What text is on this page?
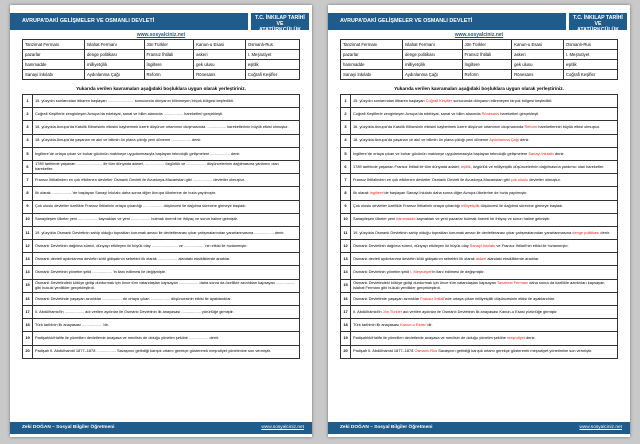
AVRUPA’DAKİ GELİŞMELER VE OSMANLI DEVLETİ	T.C. İNKILAP TARİHİ VE
ATATÜRKÇÜLÜK
www.sosyalciniz.net
Tanzimat Fermanı	Islahat Fermanı	Jön Türkler	Kanun-u Esasi	Osmanlı-Rus
pazarlar	denge politikası	Fransız İhtilali	askeri	I. Meşrutiyet
hammadde	milliyetçilik	İngiltere	gek ulusu	eşitlik
Sanayi İnkılabı	Aydınlanma Çağı	Reform	Rönesans	Coğrafi Keşifler
Yukarıda verilen kavramaları aşağıdaki boşluklara uygun olarak yerleştiriniz.
1	15. yüzyılın sonlarından itibaren başlayan ........................ sonucunda dünyanın bilinmeyen birçok bölgesi keşfedildi.
2	Coğrafi Keşiflerle zenginleşen Avrupa’da edebiyat, sanat ve bilim alanında .................. hareketleri gerçekleşti.
3	16. yüzyılda Avrupa’da Katolik Kilisesinin etkisini kaybetmek üzere düşünce ortamının oluşmasında .................. hareketlerinin büyük etkisi olmuştur.
4	18. yüzyılda Avrupa’da yaşanan ve akıl ve bilimin ön plana çıktığı yeni döneme .................. denir.
5	İngiltere’de ortaya çıkan ve buhar gücünün makineye uygulanmasıyla başlayan teknolojik gelişmelere .................. denir.
6	1789 tarihinde yaşanan ........................ ile tüm dünyada adalet, .................. özgürlük ve .................. düşüncelerinin dağılmasına yardımcı olan hareketler.
7	Fransız İhtilalinden en çok etkilenen devletler Osmanlı Devleti ile Avusturya-Macaristan gibi .................. devletler olmuştur.
8	İlk olarak .................. ’de başlayan Sanayi İnkılabı daha sonra diğer Avrupa ülkelerine de hızla yayılmıştır.
9	Çok uluslu devletler özellikle Fransız İhtilalinin ortaya çıkardığı .................. düşüncesi ile dağılma sürecine girmeye başladı.
10	Sanayileşen ülkeler yeni .................. kaynakları ve yeni .................. bulmak önemli bir ihtiyaç ve sorun haline gelmiştir.
11	19. yüzyılda Osmanlı Devletinin sahip olduğu toprakları korumak amacı ile devletlerarası çıkar çatışmalarından yararlanmasına .................. denir.
12	Osmanlı Devletinin dağılma süreci, dünyayı etkileyen iki büyük olay ........................ ve .................. ’nin etkisi ile hızlanmıştır.
13	Osmanlı devleti aydınlanma devletin kötü gidişatının sebebini ilk olarak .................. alandaki eksikliklerde aradılar.
14	Osmanlı Devletinin yönetim şekli .................. ’in ilanı edilmesi ile değişmiştir.
15	Osmanlı Devletindeki kötüye gidişi durdurmak için önce tüm vatandaşları kapsayan .................. daha sonra da özellikle azınlıkları kapsayan .................. gibi hukuki yenilikler gerçekleştirdi.
16	Osmanlı Devletinde yaşayan azınlıklar .................. de ortaya çıkan .................. düşüncesinin etkisi ile ayaklandılar.
17	II. Abdülhamid’in .................. adı verilen aydınlar ile Osmanlı Devletinin ilk anayasası .................. yürürlüğe girmiştir.
18	Türk tarihinin ilk anayasası .................. ’dir.
19	Padişahlık/Halife ile yönetilen devletlerde anayasa ve meclisin de olduğu yönetim şekline .................. denir.
20	Padişah II. Abdülhamid 1877–1878 .................. Savaşının getirdiği karışık ortamı gerekçe göstererek meşrutiyet yönetimine son vermiştir.
Zeki DOĞAN – Sosyal Bilgiler Öğretmeni	www.sosyalciniz.net
AVRUPA’DAKİ GELİŞMELER VE OSMANLI DEVLETİ	T.C. İNKILAP TARİHİ VE
ATATÜRKÇÜLÜK
www.sosyalciniz.net
Tanzimat Fermanı	Islahat Fermanı	Jön Türkler	Kanun-u Esasi	Osmanlı-Rus
pazarlar	denge politikası	Fransız İhtilali	askeri	I. Meşrutiyet
hammadde	milliyetçilik	İngiltere	gek ulusu	eşitlik
Sanayi İnkılabı	Aydınlanma Çağı	Reform	Rönesans	Coğrafi Keşifler
Yukarıda verilen kavramaları aşağıdaki boşluklara uygun olarak yerleştiriniz.
1	15. yüzyılın sonlarından itibaren başlayan Coğrafi Keşifler sonucunda dünyanın bilinmeyen birçok bölgesi keşfedildi.
2	Coğrafi Keşiflerle zenginleşen Avrupa’da edebiyat, sanat ve bilim alanında Rönesans hareketleri gerçekleşti.
3	16. yüzyılda Avrupa’da Katolik Kilisesinin etkisini kaybetmek üzere düşünce ortamının oluşmasında Reform hareketlerinin büyük etkisi olmuştur.
4	18. yüzyılda Avrupa’da yaşanan ve akıl ve bilimin ön plana çıktığı yeni döneme Aydınlanma Çağı denir.
5	İngiltere’de ortaya çıkan ve buhar gücünün makineye uygulanmasıyla başlayan teknolojik gelişmelere Sanayi İnkılabı denir.
6	1789 tarihinde yaşanan Fransız İhtilali ile tüm dünyada adalet, eşitlik, özgürlük ve milliyetçilik düşüncelerinin dağılmasına yardımcı olan hareketler.
7	Fransız İhtilalinden en çok etkilenen devletler Osmanlı Devleti ile Avusturya-Macaristan gibi çok uluslu devletler olmuştur.
8	İlk olarak İngiltere’de başlayan Sanayi İnkılabı daha sonra diğer Avrupa ülkelerine de hızla yayılmıştır.
9	Çok uluslu devletler özellikle Fransız İhtilalinin ortaya çıkardığı milliyetçilik düşüncesi ile dağılma sürecine girmeye başladı.
10	Sanayileşen ülkeler yeni hammadde kaynakları ve yeni pazarlar bulmak önemli bir ihtiyaç ve sorun haline gelmiştir.
11	19. yüzyılda Osmanlı Devletinin sahip olduğu toprakları korumak amacı ile devletlerarası çıkar çatışmalarından yararlanmasına denge politikası denir.
12	Osmanlı Devletinin dağılma süreci, dünyayı etkileyen iki büyük olay Sanayi İnkılabı ve Fransız İhtilali’nin etkisi ile hızlanmıştır.
13	Osmanlı devleti aydınlanma devletin kötü gidişatının sebebini ilk olarak askeri alandaki eksikliklerde aradılar.
14	Osmanlı Devletinin yönetim şekli I. Meşrutiyet’in ilanı edilmesi ile değişmiştir.
15	Osmanlı Devletindeki kötüye gidişi durdurmak için önce tüm vatandaşları kapsayan Tanzimat Fermanı daha sonra da özellikle azınlıkları kapsayan Islahat Fermanı gibi hukuki yenilikler gerçekleştirdi.
16	Osmanlı Devletinde yaşayan azınlıklar Fransız İhtilali’nde ortaya çıkan milliyetçilik düşüncesinin etkisi ile ayaklandılar.
17	II. Abdülhamid’in Jön Türkler adı verilen aydınlar ile Osmanlı Devletinin ilk anayasası Kanun-u Esasi yürürlüğe girmiştir.
18	Türk tarihinin ilk anayasası Kanun-u Esasi ’dir.
19	Padişahlık/Halife ile yönetilen devletlerde anayasa ve meclisin de olduğu yönetim şekline meşrutiyet denir.
20	Padişah II. Abdülhamid 1877–1878 Osmanlı-Rus Savaşının getirdiği karışık ortamı gerekçe göstererek meşrutiyet yönetimine son vermiştir.
Zeki DOĞAN – Sosyal Bilgiler Öğretmeni	www.sosyalciniz.net
